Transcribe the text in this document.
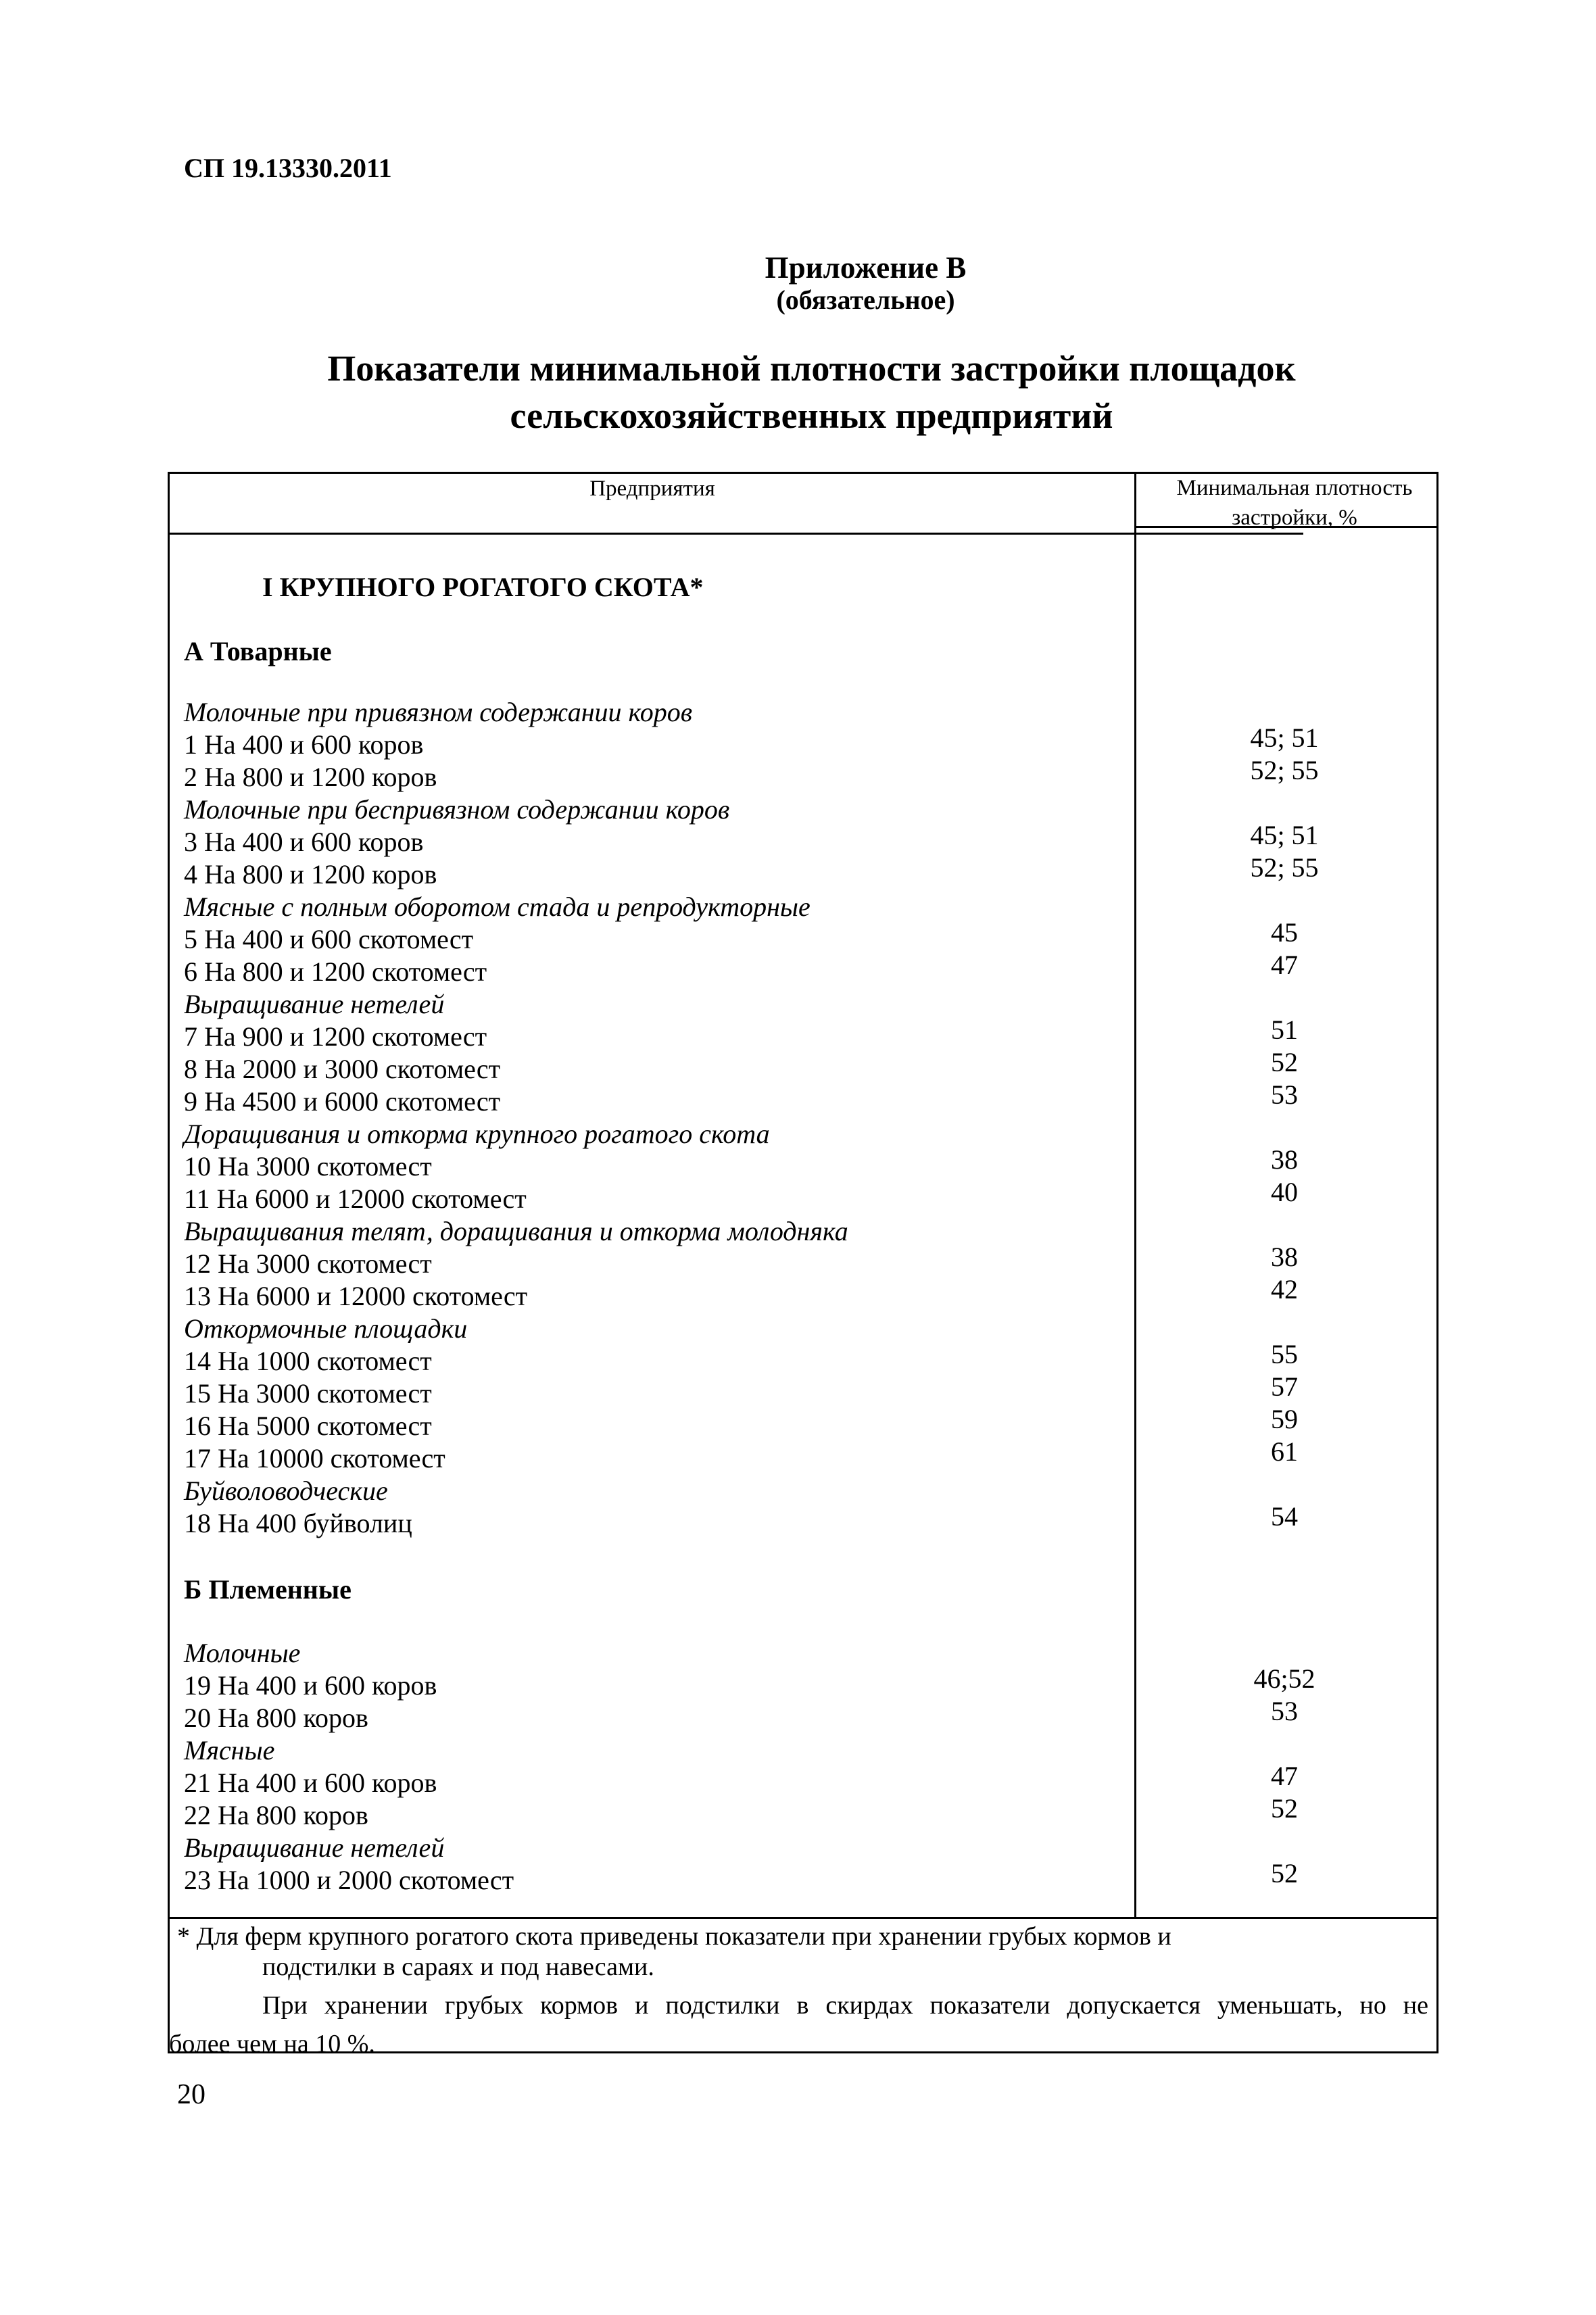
СП 19.13330.2011
Приложение В
(обязательное)
Показатели минимальной плотности застройки площадок
сельскохозяйственных предприятий
Предприятия	Минимальная плотность
застройки, %
I КРУПНОГО РОГАТОГО СКОТА*
А Товарные
Молочные при привязном содержании коров
1 На 400 и 600 коров	45; 51
2 На 800 и 1200 коров	52; 55
Молочные при беспривязном содержании коров
3 На 400 и 600 коров	45; 51
4 На 800 и 1200 коров	52; 55
Мясные с полным оборотом стада и репродукторные
5 На 400 и 600 скотомест	45
6 На 800 и 1200 скотомест	47
Выращивание нетелей
7 На 900 и 1200 скотомест	51
8 На 2000 и 3000 скотомест	52
9 На 4500 и 6000 скотомест	53
Доращивания и откорма крупного рогатого скота
10 На 3000 скотомест	38
11 На 6000 и 12000 скотомест	40
Выращивания телят, доращивания и откорма молодняка
12 На 3000 скотомест	38
13 На 6000 и 12000 скотомест	42
Откормочные площадки
14 На 1000 скотомест	55
15 На 3000 скотомест	57
16 На 5000 скотомест	59
17 На 10000 скотомест	61
Буйволоводческие
18 На 400 буйволиц	54
Б Племенные
Молочные
19 На 400 и 600 коров	46;52
20 На 800 коров	53
Мясные
21 На 400 и 600 коров	47
22 На 800 коров	52
Выращивание нетелей
23 На 1000 и 2000 скотомест	52
* Для ферм крупного рогатого скота приведены показатели при хранении грубых кормов и
подстилки в сараях и под навесами.
При хранении грубых кормов и подстилки в скирдах показатели допускается уменьшать, но не
более чем на 10 %.
20
